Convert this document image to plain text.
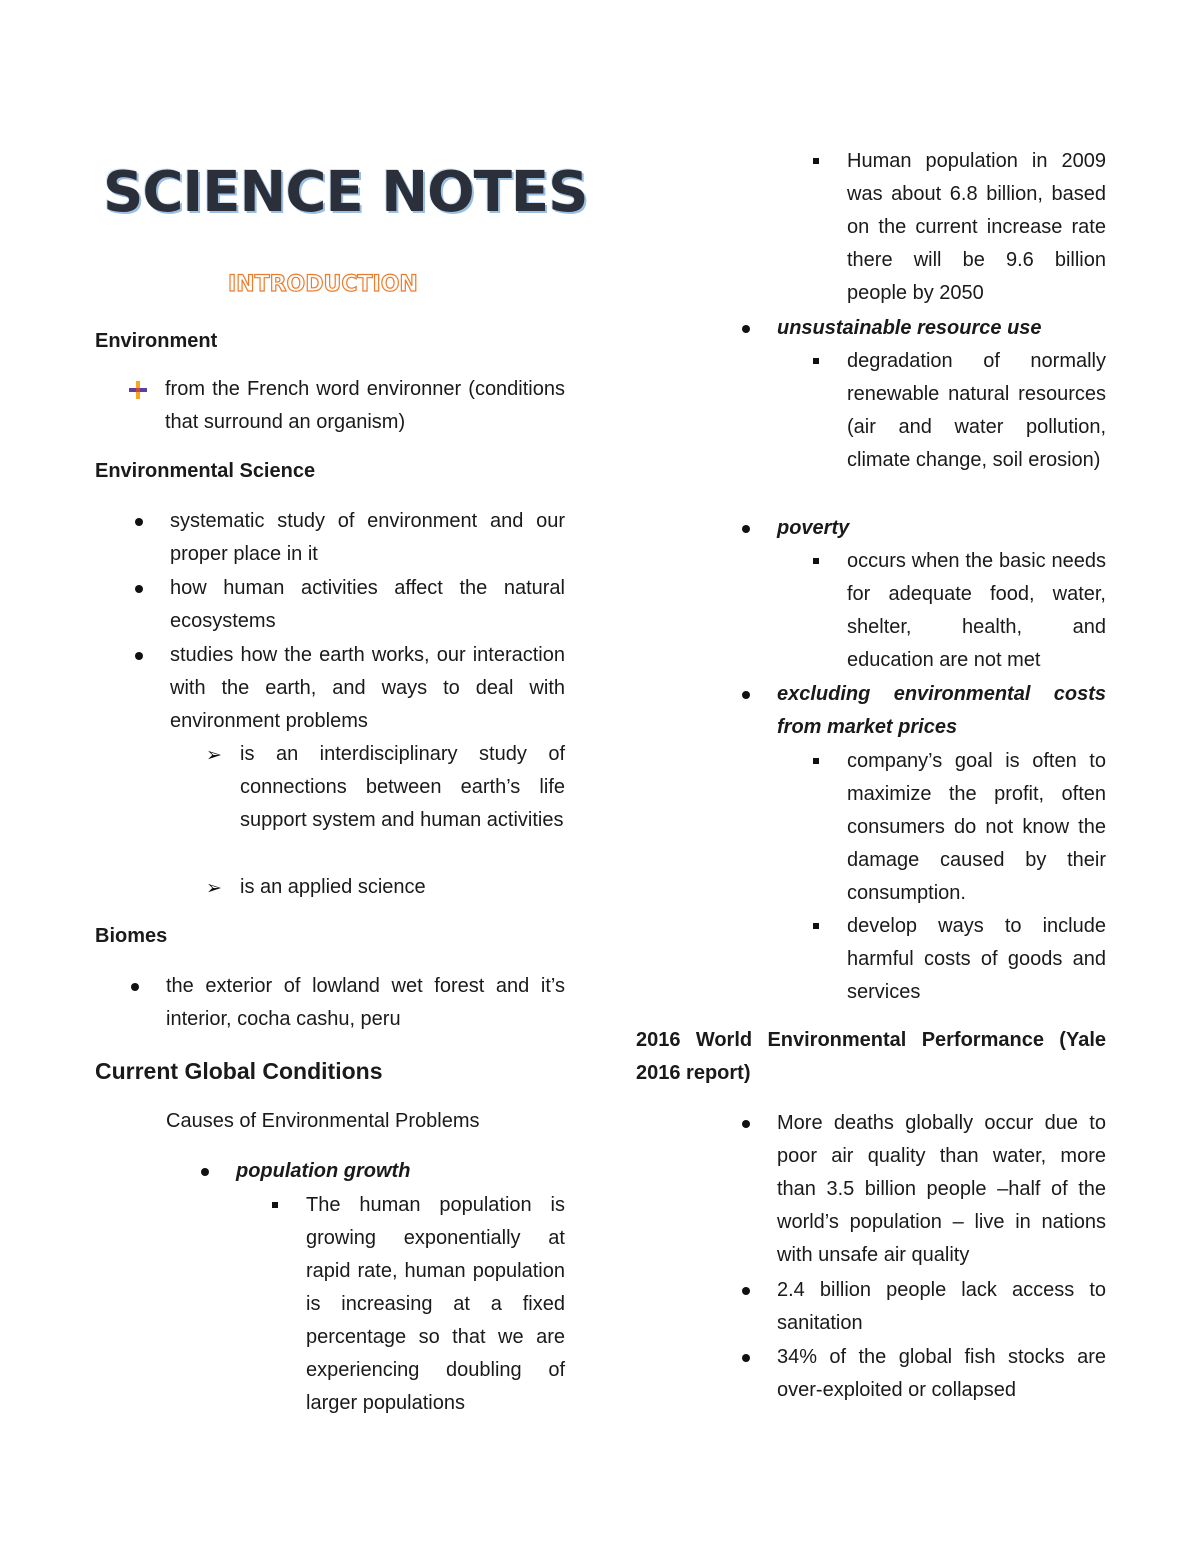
SCIENCE NOTES
INTRODUCTION
Environment
from the French word environner (conditions that surround an organism)
Environmental Science
systematic study of environment and our proper place in it
how human activities affect the natural ecosystems
studies how the earth works, our interaction with the earth, and ways to deal with environment problems
➢ is an interdisciplinary study of connections between earth’s life support system and human activities
➢ is an applied science
Biomes
the exterior of lowland wet forest and it’s interior, cocha cashu, peru
Current Global Conditions
Causes of Environmental Problems
population growth
The human population is growing exponentially at rapid rate, human population is increasing at a fixed percentage so that we are experiencing doubling of larger populations
Human population in 2009 was about 6.8 billion, based on the current increase rate there will be 9.6 billion people by 2050
unsustainable resource use
degradation of normally renewable natural resources (air and water pollution, climate change, soil erosion)
poverty
occurs when the basic needs for adequate food, water, shelter, health, and education are not met
excluding environmental costs from market prices
company’s goal is often to maximize the profit, often consumers do not know the damage caused by their consumption.
develop ways to include harmful costs of goods and services
2016 World Environmental Performance (Yale 2016 report)
More deaths globally occur due to poor air quality than water, more than 3.5 billion people –half of the world’s population – live in nations with unsafe air quality
2.4 billion people lack access to sanitation
34% of the global fish stocks are over-exploited or collapsed
